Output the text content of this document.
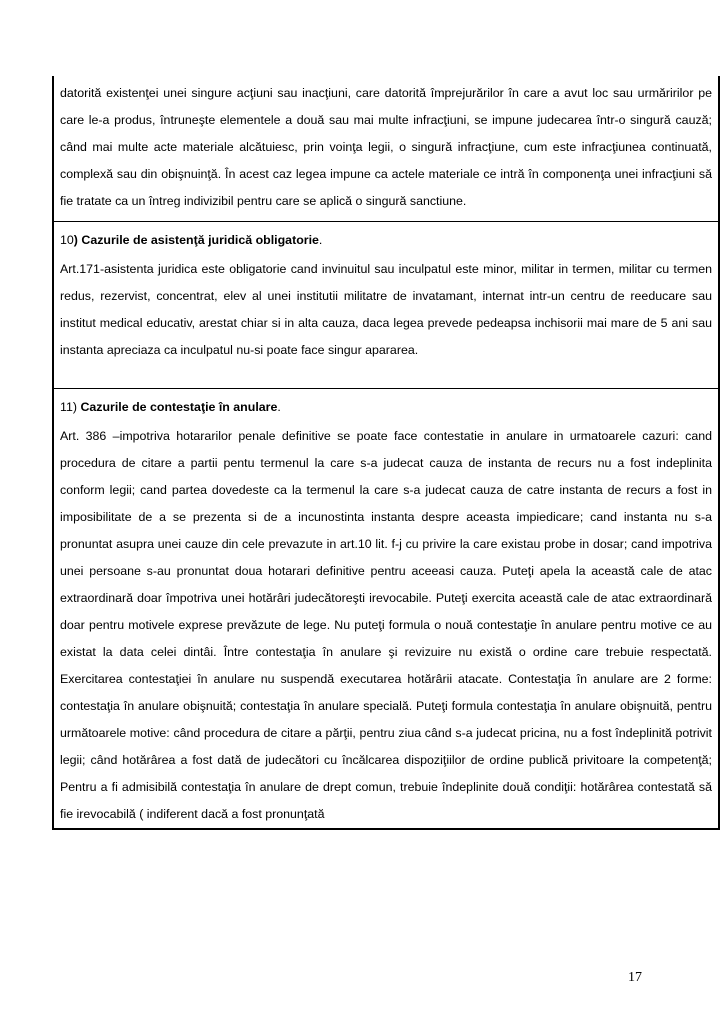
datorită existenţei unei singure acţiuni sau inacţiuni, care datorită împrejurărilor în care a avut loc sau urmăririlor pe care le-a produs, întruneşte elementele a două sau mai multe infracţiuni, se impune judecarea într-o singură cauză; când mai multe acte materiale alcătuiesc, prin voinţa legii, o singură infracţiune, cum este infracţiunea continuată, complexă sau din obişnuinţă. În acest caz legea impune ca actele materiale ce intră în componenţa unei infracţiuni să fie tratate ca un întreg indivizibil pentru care se aplică o singură sanctiune.

10) Cazurile de asistenţă juridică obligatorie.

Art.171-asistenta juridica este obligatorie cand invinuitul sau inculpatul este minor, militar in termen, militar cu termen redus, rezervist, concentrat, elev al unei institutii militatre de invatamant, internat intr-un centru de reeducare sau institut medical educativ, arestat chiar si in alta cauza, daca legea prevede pedeapsa inchisorii mai mare de 5 ani sau instanta apreciaza ca inculpatul nu-si poate face singur apararea.

11) Cazurile de contestaţie în anulare.

Art. 386 –impotriva hotararilor penale definitive se poate face contestatie in anulare in urmatoarele cazuri: cand procedura de citare a partii pentu termenul la care s-a judecat cauza de instanta de recurs nu a fost indeplinita conform legii; cand partea dovedeste ca la termenul la care s-a judecat cauza de catre instanta de recurs a fost in imposibilitate de a se prezenta si de a incunostinta instanta despre aceasta impiedicare; cand instanta nu s-a pronuntat asupra unei cauze din cele prevazute in art.10 lit. f-j cu privire la care existau probe in dosar; cand impotriva unei persoane s-au pronuntat doua hotarari definitive pentru aceeasi cauza. Puteţi apela la această cale de atac extraordinară doar împotriva unei hotărâri judecătoreşti irevocabile. Puteţi exercita această cale de atac extraordinară doar pentru motivele exprese prevăzute de lege. Nu puteţi formula o nouă contestaţie în anulare pentru motive ce au existat la data celei dintâi. Între contestaţia în anulare şi revizuire nu există o ordine care trebuie respectată. Exercitarea contestaţiei în anulare nu suspendă executarea hotărârii atacate. Contestaţia în anulare are 2 forme: contestaţia în anulare obişnuită; contestaţia în anulare specială. Puteţi formula contestaţia în anulare obişnuită, pentru următoarele motive: când procedura de citare a părţii, pentru ziua când s-a judecat pricina, nu a fost îndeplinită potrivit legii; când hotărârea a fost dată de judecători cu încălcarea dispoziţiilor de ordine publică privitoare la competenţă; Pentru a fi admisibilă contestaţia în anulare de drept comun, trebuie îndeplinite două condiţii: hotărârea contestată să fie irevocabilă ( indiferent dacă a fost pronunţată

17
